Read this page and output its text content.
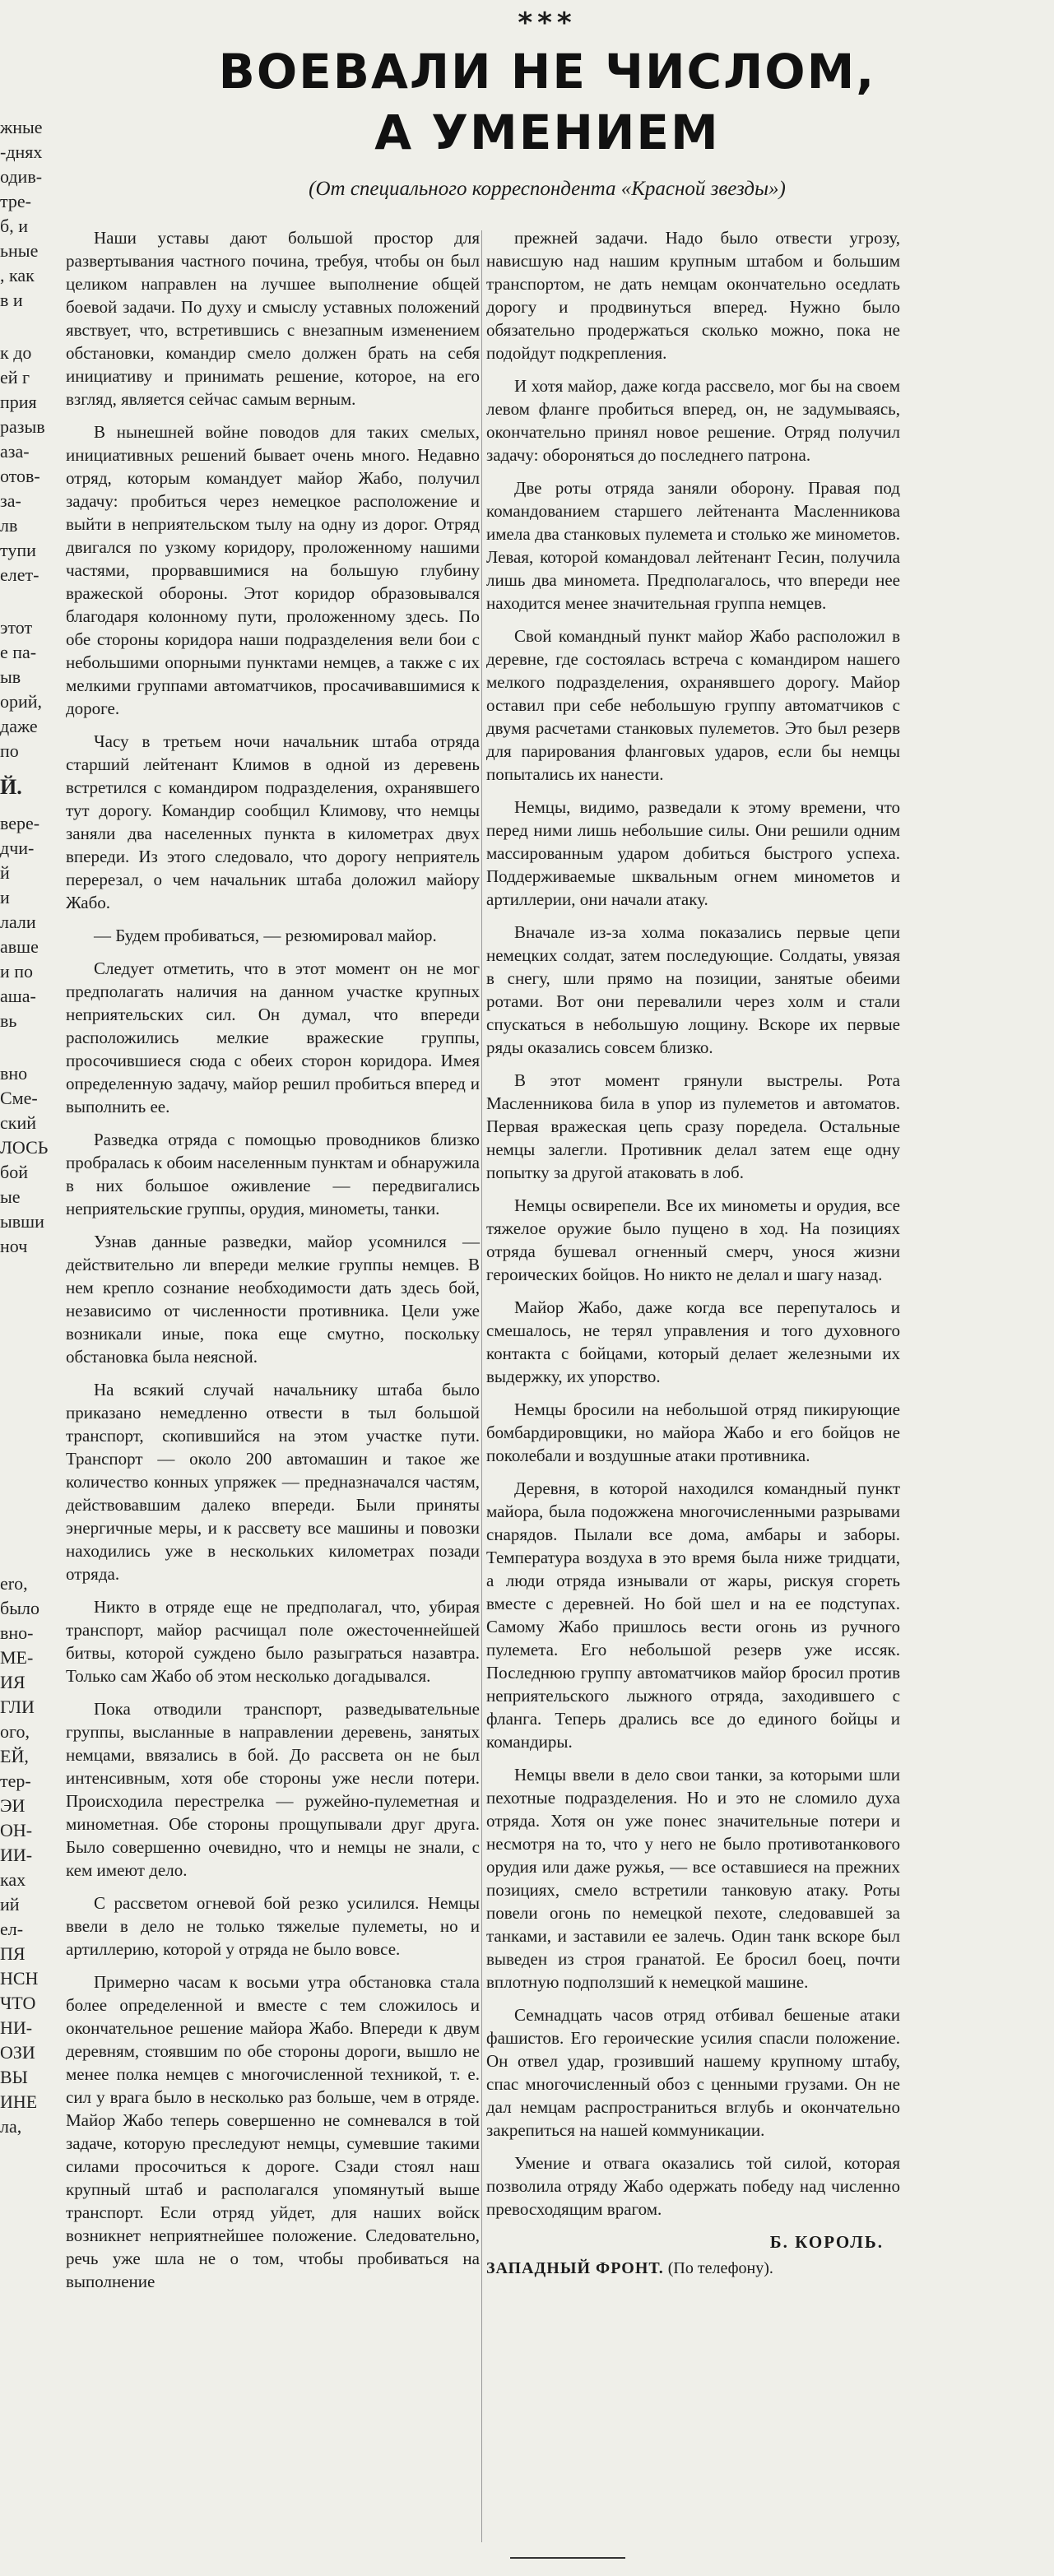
жные
-днях
одив-
тре-
б, и
ьные
, как
в и
к до
ей г
прия
разыв
аза-
отов-
за-
лв
тупи
елет-
этот
е па-
ыв
орий,
даже
по
Й.
вере-
дчи-
й
и
лали
авше
и по
аша-
вь
вно
Сме-
ский
ЛОСЬ
бой
ые
ывши
ноч
ero,
было
вно-
МЕ-
ИЯ
ГЛИ
ого,
ЕЙ,
тер-
ЭИ
ОН-
ИИ-
ках
ий
ел-
ПЯ
HCH
ЧТО
НИ-
ОЗИ
ВЫ
ИНЕ
ла,
***
ВОЕВАЛИ НЕ ЧИСЛОМ,
А УМЕНИЕМ
(От специального корреспондента «Красной звезды»)

Наши уставы дают большой простор для развертывания частного почина, требуя, чтобы он был целиком направлен на лучшее выполнение общей боевой задачи. По духу и смыслу уставных положений явствует, что, встретившись с внезапным изменением обстановки, командир смело должен брать на себя инициативу и принимать решение, которое, на его взгляд, является сейчас самым верным.

В нынешней войне поводов для таких смелых, инициативных решений бывает очень много. Недавно отряд, которым командует майор Жабо, получил задачу: пробиться через немецкое расположение и выйти в неприятельском тылу на одну из дорог. Отряд двигался по узкому коридору, проложенному нашими частями, прорвавшимися на большую глубину вражеской обороны. Этот коридор образовывался благодаря колонному пути, проложенному здесь. По обе стороны коридора наши подразделения вели бои с небольшими опорными пунктами немцев, а также с их мелкими группами автоматчиков, просачивавшимися к дороге.

Часу в третьем ночи начальник штаба отряда старший лейтенант Климов в одной из деревень встретился с командиром подразделения, охранявшего тут дорогу. Командир сообщил Климову, что немцы заняли два населенных пункта в километрах двух впереди. Из этого следовало, что дорогу неприятель перерезал, о чем начальник штаба доложил майору Жабо.

— Будем пробиваться, — резюмировал майор.

Следует отметить, что в этот момент он не мог предполагать наличия на данном участке крупных неприятельских сил. Он думал, что впереди расположились мелкие вражеские группы, просочившиеся сюда с обеих сторон коридора. Имея определенную задачу, майор решил пробиться вперед и выполнить ее.

Разведка отряда с помощью проводников близко пробралась к обоим населенным пунктам и обнаружила в них большое оживление — передвигались неприятельские группы, орудия, минометы, танки.

Узнав данные разведки, майор усомнился — действительно ли впереди мелкие группы немцев. В нем крепло сознание необходимости дать здесь бой, независимо от численности противника. Цели уже возникали иные, пока еще смутно, поскольку обстановка была неясной.

На всякий случай начальнику штаба было приказано немедленно отвести в тыл большой транспорт, скопившийся на этом участке пути. Транспорт — около 200 автомашин и такое же количество конных упряжек — предназначался частям, действовавшим далеко впереди. Были приняты энергичные меры, и к рассвету все машины и повозки находились уже в нескольких километрах позади отряда.

Никто в отряде еще не предполагал, что, убирая транспорт, майор расчищал поле ожесточеннейшей битвы, которой суждено было разыграться назавтра. Только сам Жабо об этом несколько догадывался.

Пока отводили транспорт, разведывательные группы, высланные в направлении деревень, занятых немцами, ввязались в бой. До рассвета он не был интенсивным, хотя обе стороны уже несли потери. Происходила перестрелка — ружейно-пулеметная и минометная. Обе стороны прощупывали друг друга. Было совершенно очевидно, что и немцы не знали, с кем имеют дело.

С рассветом огневой бой резко усилился. Немцы ввели в дело не только тяжелые пулеметы, но и артиллерию, которой у отряда не было вовсе.

Примерно часам к восьми утра обстановка стала более определенной и вместе с тем сложилось и окончательное решение майора Жабо. Впереди к двум деревням, стоявшим по обе стороны дороги, вышло не менее полка немцев с многочисленной техникой, т. е. сил у врага было в несколько раз больше, чем в отряде. Майор Жабо теперь совершенно не сомневался в той задаче, которую преследуют немцы, сумевшие такими силами просочиться к дороге. Сзади стоял наш крупный штаб и располагался упомянутый выше транспорт. Если отряд уйдет, для наших войск возникнет неприятнейшее положение. Следовательно, речь уже шла не о том, чтобы пробиваться на выполнение

прежней задачи. Надо было отвести угрозу, нависшую над нашим крупным штабом и большим транспортом, не дать немцам окончательно оседлать дорогу и продвинуться вперед. Нужно было обязательно продержаться сколько можно, пока не подойдут подкрепления.

И хотя майор, даже когда рассвело, мог бы на своем левом фланге пробиться вперед, он, не задумываясь, окончательно принял новое решение. Отряд получил задачу: обороняться до последнего патрона.

Две роты отряда заняли оборону. Правая под командованием старшего лейтенанта Масленникова имела два станковых пулемета и столько же минометов. Левая, которой командовал лейтенант Гесин, получила лишь два миномета. Предполагалось, что впереди нее находится менее значительная группа немцев.

Свой командный пункт майор Жабо расположил в деревне, где состоялась встреча с командиром нашего мелкого подразделения, охранявшего дорогу. Майор оставил при себе небольшую группу автоматчиков с двумя расчетами станковых пулеметов. Это был резерв для парирования фланговых ударов, если бы немцы попытались их нанести.

Немцы, видимо, разведали к этому времени, что перед ними лишь небольшие силы. Они решили одним массированным ударом добиться быстрого успеха. Поддерживаемые шквальным огнем минометов и артиллерии, они начали атаку.

Вначале из-за холма показались первые цепи немецких солдат, затем последующие. Солдаты, увязая в снегу, шли прямо на позиции, занятые обеими ротами. Вот они перевалили через холм и стали спускаться в небольшую лощину. Вскоре их первые ряды оказались совсем близко.

В этот момент грянули выстрелы. Рота Масленникова била в упор из пулеметов и автоматов. Первая вражеская цепь сразу поредела. Остальные немцы залегли. Противник делал затем еще одну попытку за другой атаковать в лоб.

Немцы освирепели. Все их минометы и орудия, все тяжелое оружие было пущено в ход. На позициях отряда бушевал огненный смерч, унося жизни героических бойцов. Но никто не делал и шагу назад.

Майор Жабо, даже когда все перепуталось и смешалось, не терял управления и того духовного контакта с бойцами, который делает железными их выдержку, их упорство.

Немцы бросили на небольшой отряд пикирующие бомбардировщики, но майора Жабо и его бойцов не поколебали и воздушные атаки противника.

Деревня, в которой находился командный пункт майора, была подожжена многочисленными разрывами снарядов. Пылали все дома, амбары и заборы. Температура воздуха в это время была ниже тридцати, а люди отряда изнывали от жары, рискуя сгореть вместе с деревней. Но бой шел и на ее подступах. Самому Жабо пришлось вести огонь из ручного пулемета. Его небольшой резерв уже иссяк. Последнюю группу автоматчиков майор бросил против неприятельского лыжного отряда, заходившего с фланга. Теперь дрались все до единого бойцы и командиры.

Немцы ввели в дело свои танки, за которыми шли пехотные подразделения. Но и это не сломило духа отряда. Хотя он уже понес значительные потери и несмотря на то, что у него не было противотанкового орудия или даже ружья, — все оставшиеся на прежних позициях, смело встретили танковую атаку. Роты повели огонь по немецкой пехоте, следовавшей за танками, и заставили ее залечь. Один танк вскоре был выведен из строя гранатой. Ее бросил боец, почти вплотную подползший к немецкой машине.

Семнадцать часов отряд отбивал бешеные атаки фашистов. Его героические усилия спасли положение. Он отвел удар, грозивший нашему крупному штабу, спас многочисленный обоз с ценными грузами. Он не дал немцам распространиться вглубь и окончательно закрепиться на нашей коммуникации.

Умение и отвага оказались той силой, которая позволила отряду Жабо одержать победу над численно превосходящим врагом.

Б. КОРОЛЬ.
ЗАПАДНЫЙ ФРОНТ. (По телефону).
